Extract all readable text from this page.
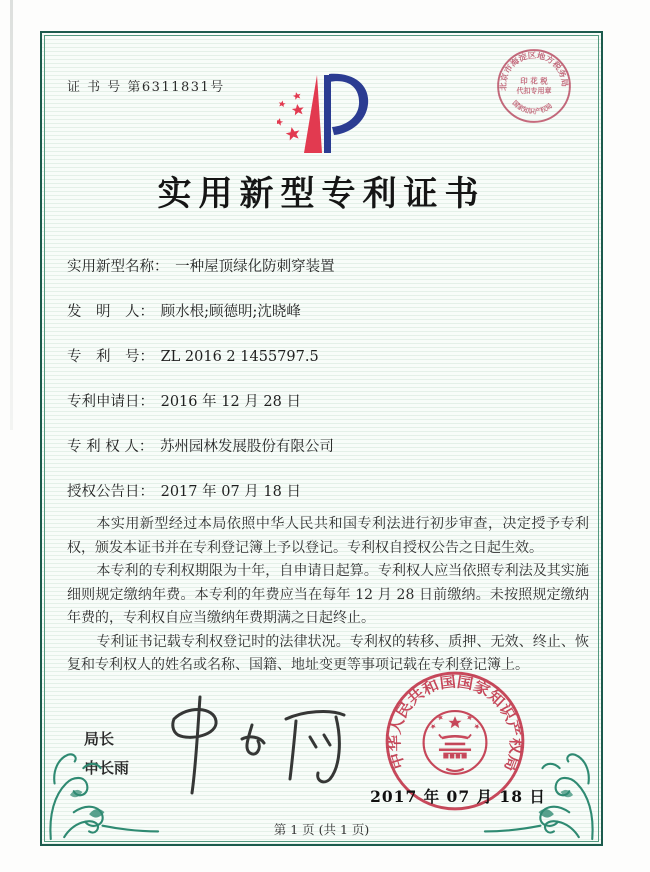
证 书 号 第6311831号
实用新型专利证书
实用新型名称： 一种屋顶绿化防刺穿装置
发　明　人： 顾水根;顾德明;沈晓峰
专　利　号： ZL 2016 2 1455797.5
专利申请日： 2016 年 12 月 28 日
专 利 权 人： 苏州园林发展股份有限公司
授权公告日： 2017 年 07 月 18 日

本实用新型经过本局依照中华人民共和国专利法进行初步审查，决定授予专利权，颁发本证书并在专利登记簿上予以登记。专利权自授权公告之日起生效。

本专利的专利权期限为十年，自申请日起算。专利权人应当依照专利法及其实施细则规定缴纳年费。本专利的年费应当在每年 12 月 28 日前缴纳。未按照规定缴纳年费的，专利权自应当缴纳年费期满之日起终止。

专利证书记载专利权登记时的法律状况。专利权的转移、质押、无效、终止、恢复和专利权人的姓名或名称、国籍、地址变更等事项记载在专利登记簿上。

局长
申长雨	中华人民共和国国家知识产权局
2017 年 07 月 18 日
北京市海淀区地方税务局
印 花 税
代扣专用章
国家知识产权局
第 1 页 (共 1 页)
